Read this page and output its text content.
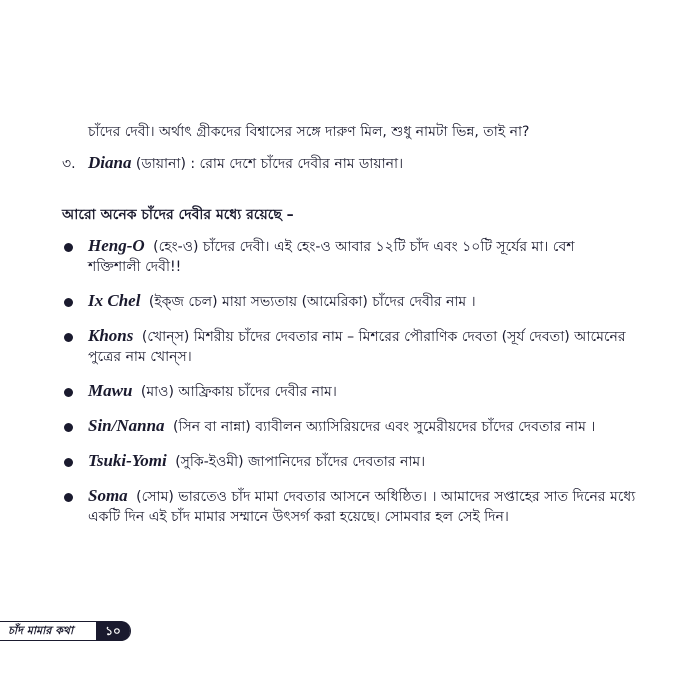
চাঁদের দেবী। অর্থাৎ গ্রীকদের বিশ্বাসের সঙ্গে দারুণ মিল, শুধু নামটা ভিন্ন, তাই না?
৩. Diana (ডায়ানা) : রোম দেশে চাঁদের দেবীর নাম ডায়ানা।
আরো অনেক চাঁদের দেবীর মধ্যে রয়েছে –
Heng-O (হেং-ও) চাঁদের দেবী। এই হেং-ও আবার ১২টি চাঁদ এবং ১০টি সূর্যের মা। বেশ
শক্তিশালী দেবী!!
Ix Chel (ইক্‌জ চেল) মায়া সভ্যতায় (আমেরিকা) চাঁদের দেবীর নাম ।
Khons (খোন্‌স) মিশরীয় চাঁদের দেবতার নাম – মিশরের পৌরাণিক দেবতা (সূর্য দেবতা) আমেনের
পুত্রের নাম খোন্‌স।
Mawu (মাও) আফ্রিকায় চাঁদের দেবীর নাম।
Sin/Nanna (সিন বা নান্না) ব্যাবীলন অ্যাসিরিয়দের এবং সুমেরীয়দের চাঁদের দেবতার নাম ।
Tsuki-Yomi (সুকি-ইওমী) জাপানিদের চাঁদের দেবতার নাম।
Soma (সোম) ভারতেও চাঁদ মামা দেবতার আসনে অধিষ্ঠিত। । আমাদের সপ্তাহের সাত দিনের মধ্যে
একটি দিন এই চাঁদ মামার সম্মানে উৎসর্গ করা হয়েছে। সোমবার হল সেই দিন।
চাঁদ মামার কথা	১০
